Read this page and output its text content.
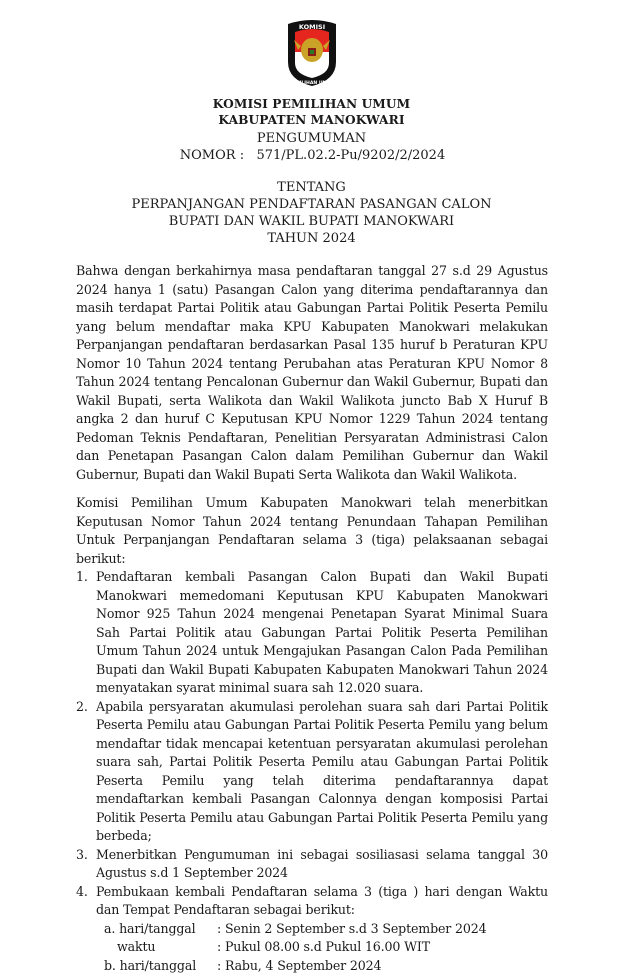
KOMISI
PEMILIHAN UMUM
KOMISI PEMILIHAN UMUM
KABUPATEN MANOKWARI
PENGUMUMAN
NOMOR : 571/PL.02.2-Pu/9202/2/2024
TENTANG
PERPANJANGAN PENDAFTARAN PASANGAN CALON
BUPATI DAN WAKIL BUPATI MANOKWARI
TAHUN 2024

Bahwa dengan berkahirnya masa pendaftaran tanggal 27 s.d 29 Agustus 2024 hanya 1 (satu) Pasangan Calon yang diterima pendaftarannya dan masih terdapat Partai Politik atau Gabungan Partai Politik Peserta Pemilu yang belum mendaftar maka KPU Kabupaten Manokwari melakukan Perpanjangan pendaftaran berdasarkan Pasal 135 huruf b Peraturan KPU Nomor 10 Tahun 2024 tentang Perubahan atas Peraturan KPU Nomor 8 Tahun 2024 tentang Pencalonan Gubernur dan Wakil Gubernur, Bupati dan Wakil Bupati, serta Walikota dan Wakil Walikota juncto Bab X Huruf B angka 2 dan huruf C Keputusan KPU Nomor 1229 Tahun 2024 tentang Pedoman Teknis Pendaftaran, Penelitian Persyaratan Administrasi Calon dan Penetapan Pasangan Calon dalam Pemilihan Gubernur dan Wakil Gubernur, Bupati dan Wakil Bupati Serta Walikota dan Wakil Walikota.

Komisi Pemilihan Umum Kabupaten Manokwari telah menerbitkan Keputusan Nomor Tahun 2024 tentang Penundaan Tahapan Pemilihan Untuk Perpanjangan Pendaftaran selama 3 (tiga) pelaksaanan sebagai berikut:

1. Pendaftaran kembali Pasangan Calon Bupati dan Wakil Bupati Manokwari memedomani Keputusan KPU Kabupaten Manokwari Nomor 925 Tahun 2024 mengenai Penetapan Syarat Minimal Suara Sah Partai Politik atau Gabungan Partai Politik Peserta Pemilihan Umum Tahun 2024 untuk Mengajukan Pasangan Calon Pada Pemilihan Bupati dan Wakil Bupati Kabupaten Kabupaten Manokwari Tahun 2024 menyatakan syarat minimal suara sah 12.020 suara.
2. Apabila persyaratan akumulasi perolehan suara sah dari Partai Politik Peserta Pemilu atau Gabungan Partai Politik Peserta Pemilu yang belum mendaftar tidak mencapai ketentuan persyaratan akumulasi perolehan suara sah, Partai Politik Peserta Pemilu atau Gabungan Partai Politik Peserta Pemilu yang telah diterima pendaftarannya dapat mendaftarkan kembali Pasangan Calonnya dengan komposisi Partai Politik Peserta Pemilu atau Gabungan Partai Politik Peserta Pemilu yang berbeda;
3. Menerbitkan Pengumuman ini sebagai sosiliasasi selama tanggal 30 Agustus s.d 1 September 2024
4. Pembukaan kembali Pendaftaran selama 3 (tiga ) hari dengan Waktu dan Tempat Pendaftaran sebagai berikut:
a. hari/tanggal	: Senin 2 September s.d 3 September 2024
waktu	: Pukul 08.00 s.d Pukul 16.00 WIT
b. hari/tanggal	: Rabu, 4 September 2024
